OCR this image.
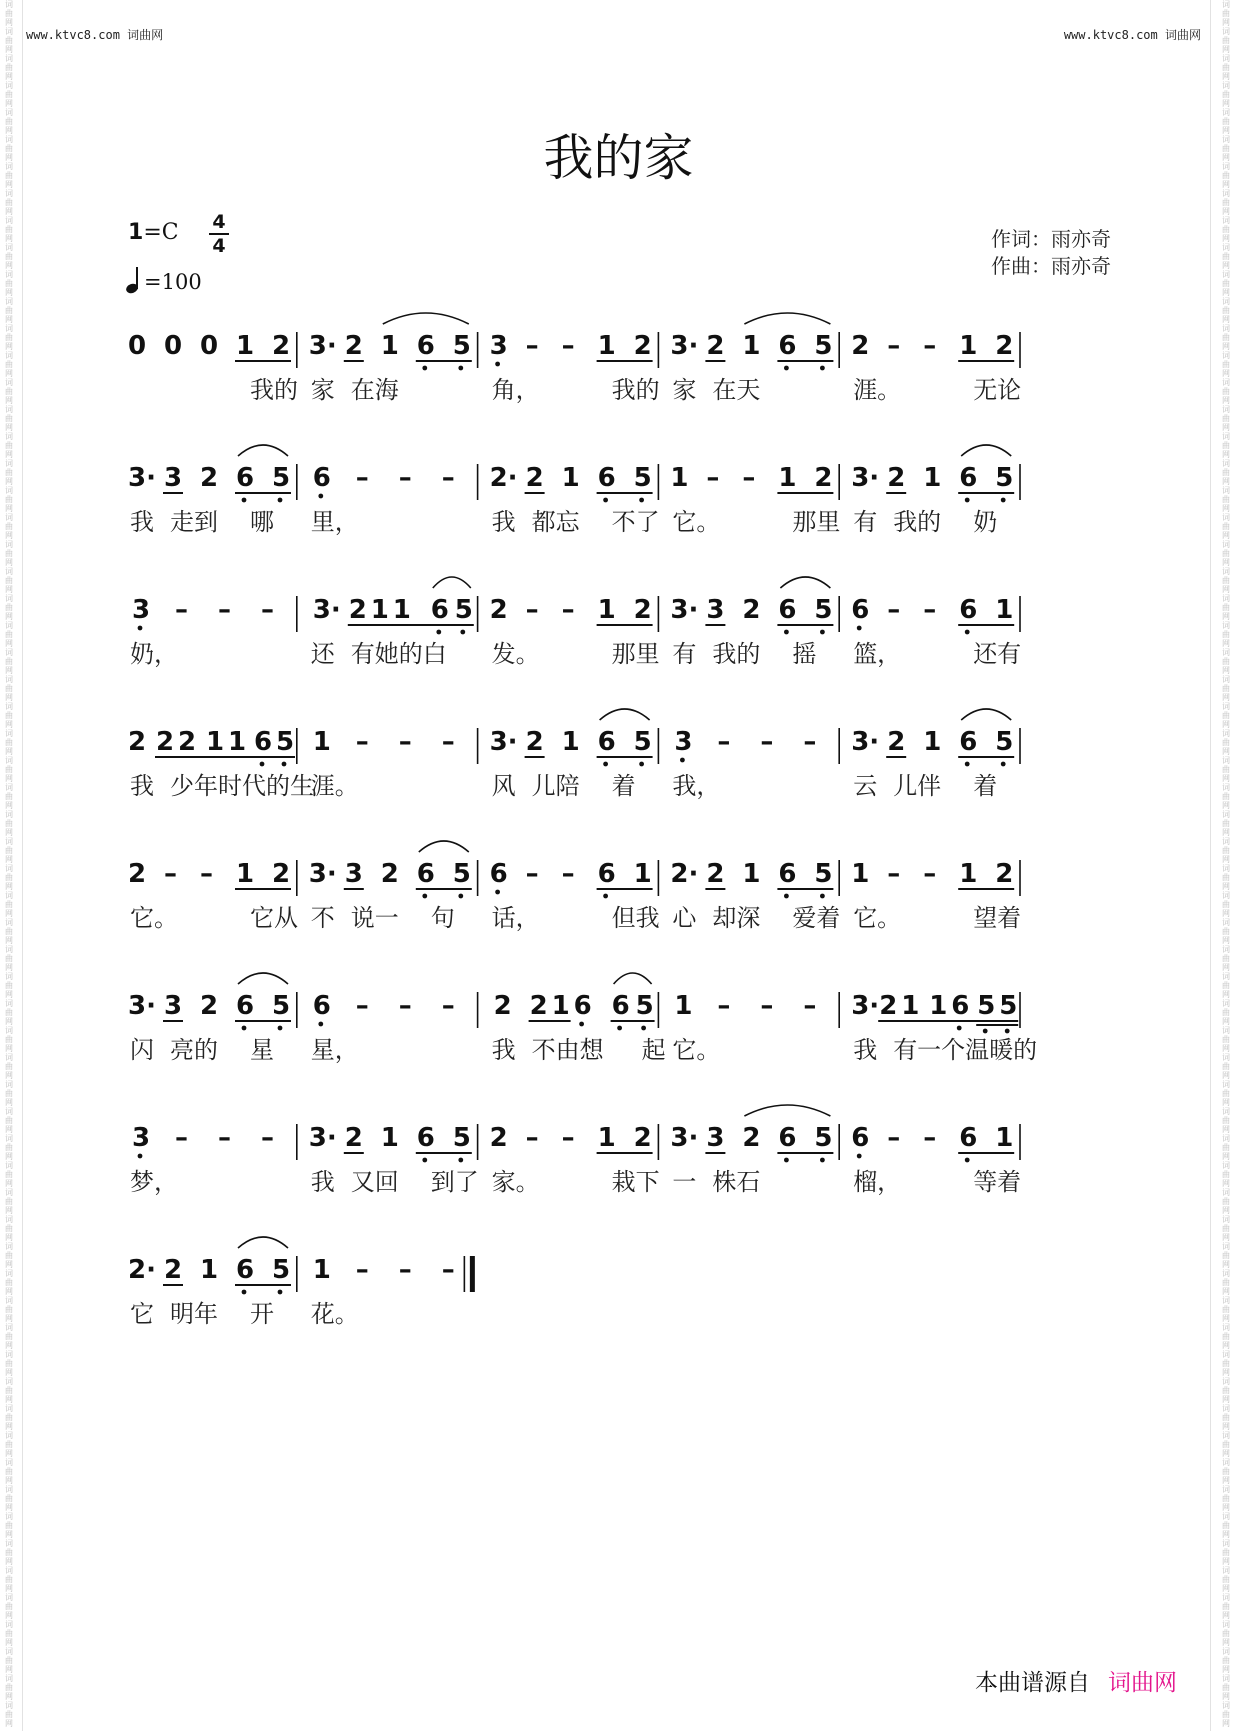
词曲网词曲网词曲网词曲网词曲网词曲网词曲网词曲网词曲网词曲网词曲网词曲网词曲网词曲网词曲网词曲网词曲网词曲网词曲网词曲网词曲网词曲网词曲网词曲网词曲网词曲网词曲网词曲网词曲网词曲网词曲网词曲网词曲网词曲网词曲网词曲网词曲网词曲网词曲网词曲网词曲网词曲网词曲网词曲网词曲网词曲网词曲网词曲网词曲网词曲网词曲网词曲网词曲网词曲网词曲网词曲网词曲网词曲网词曲网词曲网词曲网词曲网词曲网词曲网
词曲网词曲网词曲网词曲网词曲网词曲网词曲网词曲网词曲网词曲网词曲网词曲网词曲网词曲网词曲网词曲网词曲网词曲网词曲网词曲网词曲网词曲网词曲网词曲网词曲网词曲网词曲网词曲网词曲网词曲网词曲网词曲网词曲网词曲网词曲网词曲网词曲网词曲网词曲网词曲网词曲网词曲网词曲网词曲网词曲网词曲网词曲网词曲网词曲网词曲网词曲网词曲网词曲网词曲网词曲网词曲网词曲网词曲网词曲网词曲网词曲网词曲网词曲网词曲网
www.ktvc8.com 词曲网	www.ktvc8.com 词曲网
我的家
1=C 4
4
=100
作词：雨亦奇
作曲：雨亦奇
0 0 0 1 2 3· 2 1 6 5 3 – – 1 2 3· 2 1 6 5 2 – – 1 2
我的 家 在海	角，	我的 家 在天	涯。	无论
3· 3 2 6 5 6 – – – 2· 2 1 6 5 1 – – 1 2 3· 2 1 6 5
我 走到 哪 里，	我 都忘 不了 它。	那里 有 我的 奶
3 – – – 3· 2 1 1 6 5 2 – – 1 2 3· 3 2 6 5 6 – – 6 1
奶，	还 有她的白 发。	那里 有 我的 摇 篮，	还有
2 2 2 1 1 6 5 1 – – – 3· 2 1 6 5 3 – – – 3· 2 1 6 5
我 少年时代的生
涯。	风 儿陪 着 我，	云 儿伴 着
2 – – 1 2 3· 3 2 6 5 6 – – 6 1 2· 2 1 6 5 1 – – 1 2
它。	它从 不 说一 句 话，	但我 心 却深 爱着 它。	望着
3· 3 2 6 5 6 – – – 2 2 1 6 6 5 1 – – – 3· 2 1 1 6 5 5
闪 亮的 星 星，	我 不由想 起 它。	我 有一个温暖的
3 – – – 3· 2 1 6 5 2 – – 1 2 3· 3 2 6 5 6 – – 6 1
梦，	我 又回 到了 家。	栽下 一 株石	榴，	等着
2· 2 1 6 5 1 – – –
它 明年 开 花。
本曲谱源自 词曲网
